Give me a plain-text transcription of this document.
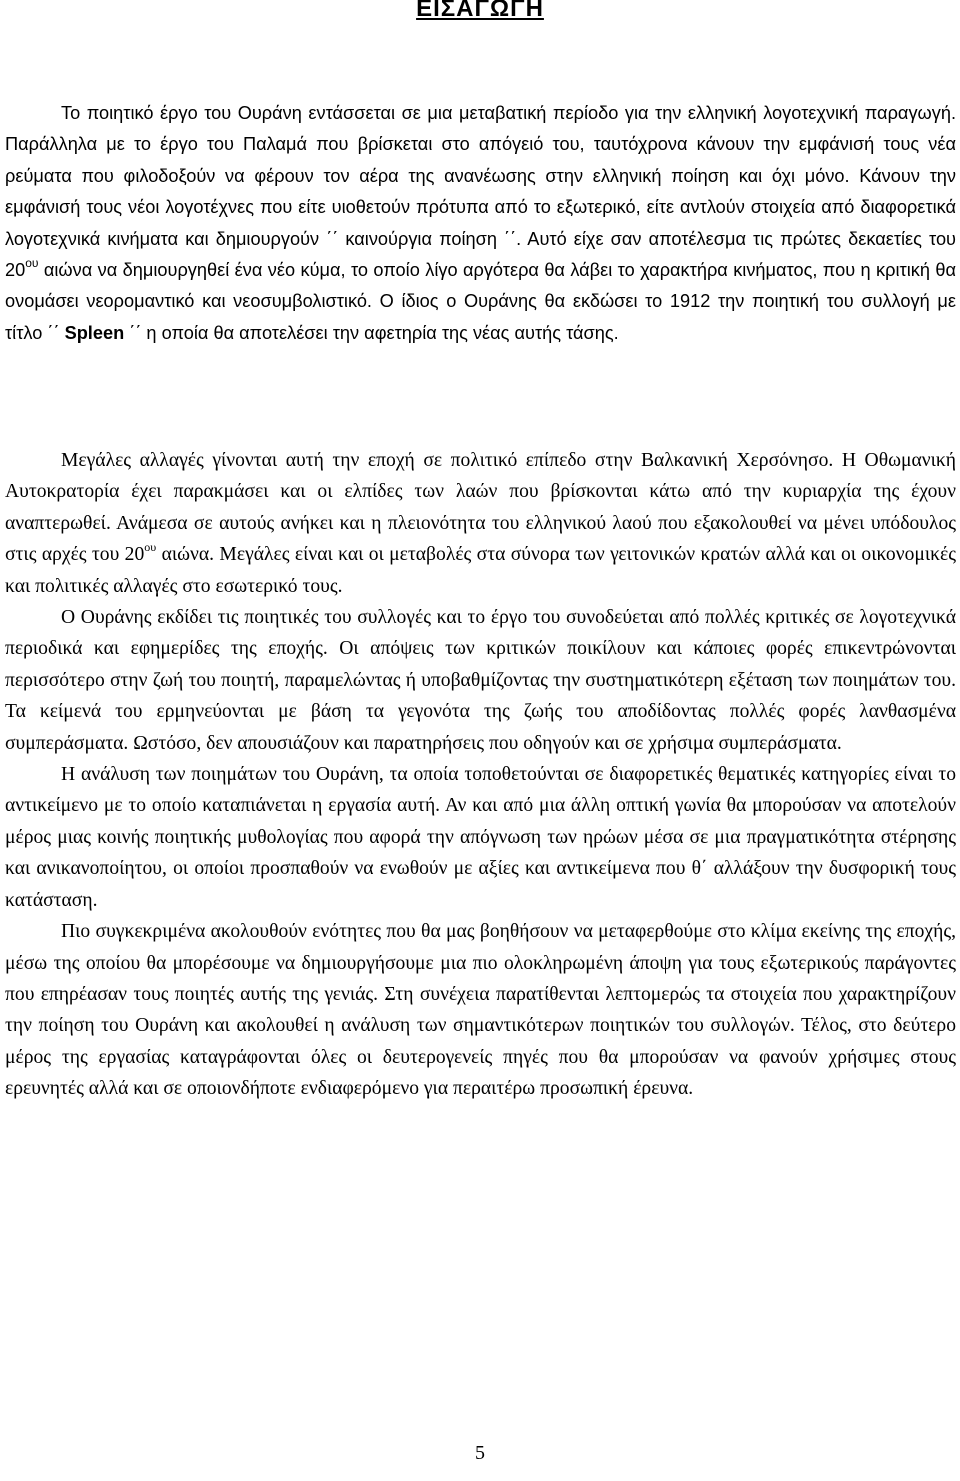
ΕΙΣΑΓΩΓΗ

Το ποιητικό έργο του Ουράνη εντάσσεται σε μια μεταβατική περίοδο για την ελληνική λογοτεχνική παραγωγή. Παράλληλα με το έργο του Παλαμά που βρίσκεται στο απόγειό του, ταυτόχρονα κάνουν την εμφάνισή τους νέα ρεύματα που φιλοδοξούν να φέρουν τον αέρα της ανανέωσης στην ελληνική ποίηση και όχι μόνο. Κάνουν την εμφάνισή τους νέοι λογοτέχνες που είτε υιοθετούν πρότυπα από το εξωτερικό, είτε αντλούν στοιχεία από διαφορετικά λογοτεχνικά κινήματα και δημιουργούν ΄΄ καινούργια ποίηση ΄΄. Αυτό είχε σαν αποτέλεσμα τις πρώτες δεκαετίες του $20^{o\upsilon}$ αιώνα να δημιουργηθεί ένα νέο κύμα, το οποίο λίγο αργότερα θα λάβει το χαρακτήρα κινήματος, που η κριτική θα ονομάσει νεορομαντικό και νεοσυμβολιστικό. Ο ίδιος ο Ουράνης θα εκδώσει το 1912 την ποιητική του συλλογή με τίτλο ΄΄ Spleen ΄΄ η οποία θα αποτελέσει την αφετηρία της νέας αυτής τάσης.

Μεγάλες αλλαγές γίνονται αυτή την εποχή σε πολιτικό επίπεδο στην Βαλκανική Χερσόνησο. Η Οθωμανική Αυτοκρατορία έχει παρακμάσει και οι ελπίδες των λαών που βρίσκονται κάτω από την κυριαρχία της έχουν αναπτερωθεί. Ανάμεσα σε αυτούς ανήκει και η πλειονότητα του ελληνικού λαού που εξακολουθεί να μένει υπόδουλος στις αρχές του $20^{o\upsilon}$ αιώνα. Μεγάλες είναι και οι μεταβολές στα σύνορα των γειτονικών κρατών αλλά και οι οικονομικές και πολιτικές αλλαγές στο εσωτερικό τους.

Ο Ουράνης εκδίδει τις ποιητικές του συλλογές και το έργο του συνοδεύεται από πολλές κριτικές σε λογοτεχνικά περιοδικά και εφημερίδες της εποχής. Οι απόψεις των κριτικών ποικίλουν και κάποιες φορές επικεντρώνονται περισσότερο στην ζωή του ποιητή, παραμελώντας ή υποβαθμίζοντας την συστηματικότερη εξέταση των ποιημάτων του. Τα κείμενά του ερμηνεύονται με βάση τα γεγονότα της ζωής του αποδίδοντας πολλές φορές λανθασμένα συμπεράσματα. Ωστόσο, δεν απουσιάζουν και παρατηρήσεις που οδηγούν και σε χρήσιμα συμπεράσματα.

Η ανάλυση των ποιημάτων του Ουράνη, τα οποία τοποθετούνται σε διαφορετικές θεματικές κατηγορίες είναι το αντικείμενο με το οποίο καταπιάνεται η εργασία αυτή. Αν και από μια άλλη οπτική γωνία θα μπορούσαν να αποτελούν μέρος μιας κοινής ποιητικής μυθολογίας που αφορά την απόγνωση των ηρώων μέσα σε μια πραγματικότητα στέρησης και ανικανοποίητου, οι οποίοι προσπαθούν να ενωθούν με αξίες και αντικείμενα που θ΄ αλλάξουν την δυσφορική τους κατάσταση.

Πιο συγκεκριμένα ακολουθούν ενότητες που θα μας βοηθήσουν να μεταφερθούμε στο κλίμα εκείνης της εποχής, μέσω της οποίου θα μπορέσουμε να δημιουργήσουμε μια πιο ολοκληρωμένη άποψη για τους εξωτερικούς παράγοντες που επηρέασαν τους ποιητές αυτής της γενιάς. Στη συνέχεια παρατίθενται λεπτομερώς τα στοιχεία που χαρακτηρίζουν την ποίηση του Ουράνη και ακολουθεί η ανάλυση των σημαντικότερων ποιητικών του συλλογών. Τέλος, στο δεύτερο μέρος της εργασίας καταγράφονται όλες οι δευτερογενείς πηγές που θα μπορούσαν να φανούν χρήσιμες στους ερευνητές αλλά και σε οποιονδήποτε ενδιαφερόμενο για περαιτέρω προσωπική έρευνα.

5
